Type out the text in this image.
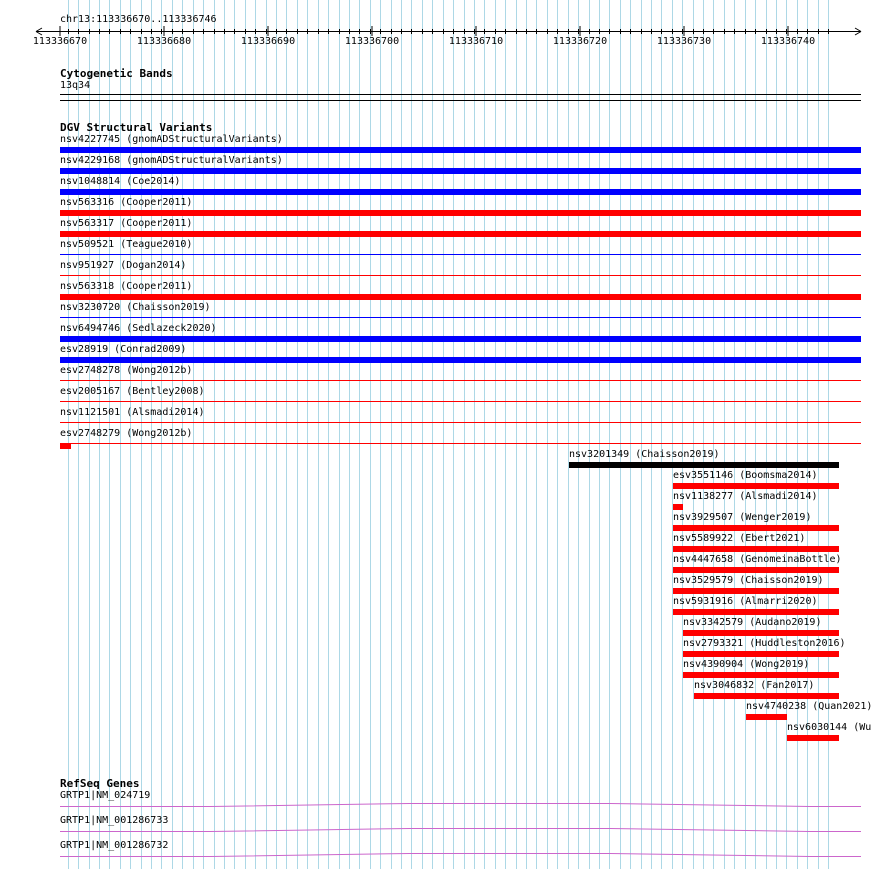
chr13:113336670..113336746
113336670	113336680	113336690	113336700	113336710	113336720	113336730	113336740
Cytogenetic Bands
13q34
DGV Structural Variants
nsv4227745 (gnomADStructuralVariants)
nsv4229168 (gnomADStructuralVariants)
nsv1048814 (Coe2014)
nsv563316 (Cooper2011)
nsv563317 (Cooper2011)
nsv509521 (Teague2010)
nsv951927 (Dogan2014)
nsv563318 (Cooper2011)
nsv3230720 (Chaisson2019)
nsv6494746 (Sedlazeck2020)
esv28919 (Conrad2009)
esv2748278 (Wong2012b)
esv2005167 (Bentley2008)
nsv1121501 (Alsmadi2014)
esv2748279 (Wong2012b)
nsv3201349 (Chaisson2019)
esv3551146 (Boomsma2014)
nsv1138277 (Alsmadi2014)
nsv3929507 (Wenger2019)
nsv5589922 (Ebert2021)
nsv4447658 (GenomeinaBottle)
nsv3529579 (Chaisson2019)
nsv5931916 (Almarri2020)
nsv3342579 (Audano2019)
nsv2793321 (Huddleston2016)
nsv4390904 (Wong2019)
nsv3046832 (Fan2017)
nsv4740238 (Quan2021)
nsv6030144 (Wu
RefSeq Genes
GRTP1|NM_024719
GRTP1|NM_001286733
GRTP1|NM_001286732
